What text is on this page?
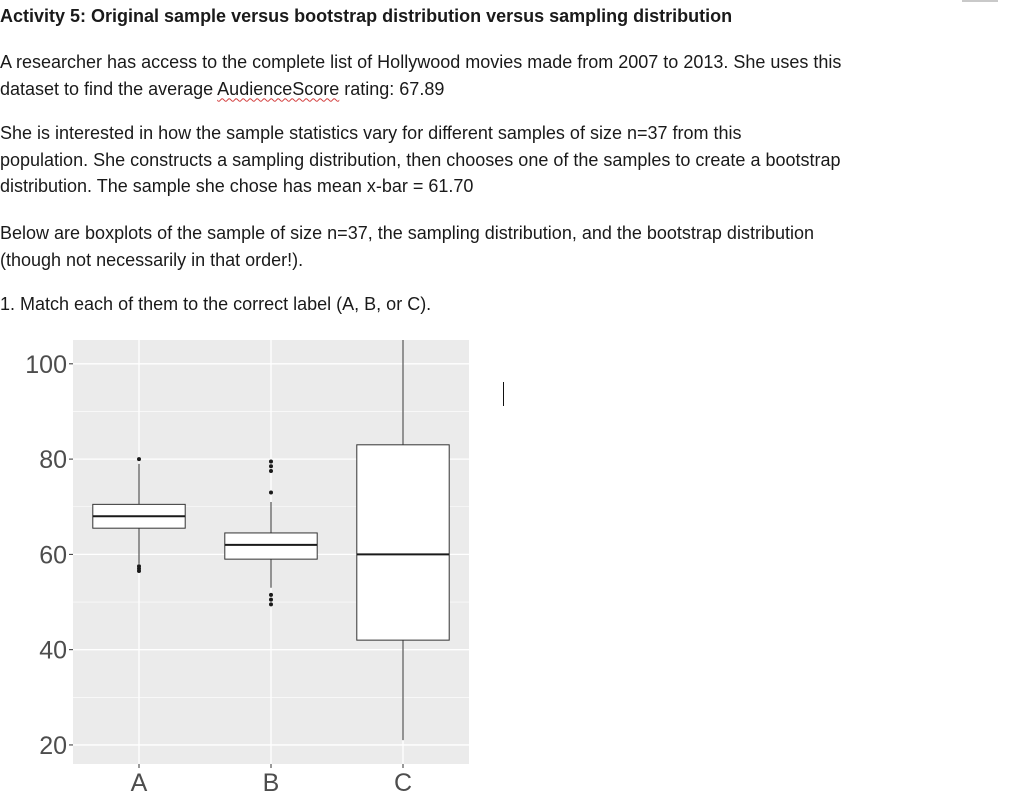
Activity 5: Original sample versus bootstrap distribution versus sampling distribution

A researcher has access to the complete list of Hollywood movies made from 2007 to 2013. She uses this
dataset to find the average AudienceScore rating: 67.89

She is interested in how the sample statistics vary for different samples of size n=37 from this
population. She constructs a sampling distribution, then chooses one of the samples to create a bootstrap
distribution. The sample she chose has mean x-bar = 61.70

Below are boxplots of the sample of size n=37, the sampling distribution, and the bootstrap distribution
(though not necessarily in that order!).

1. Match each of them to the correct label (A, B, or C).

20
40
60
80
100
A	B	C
